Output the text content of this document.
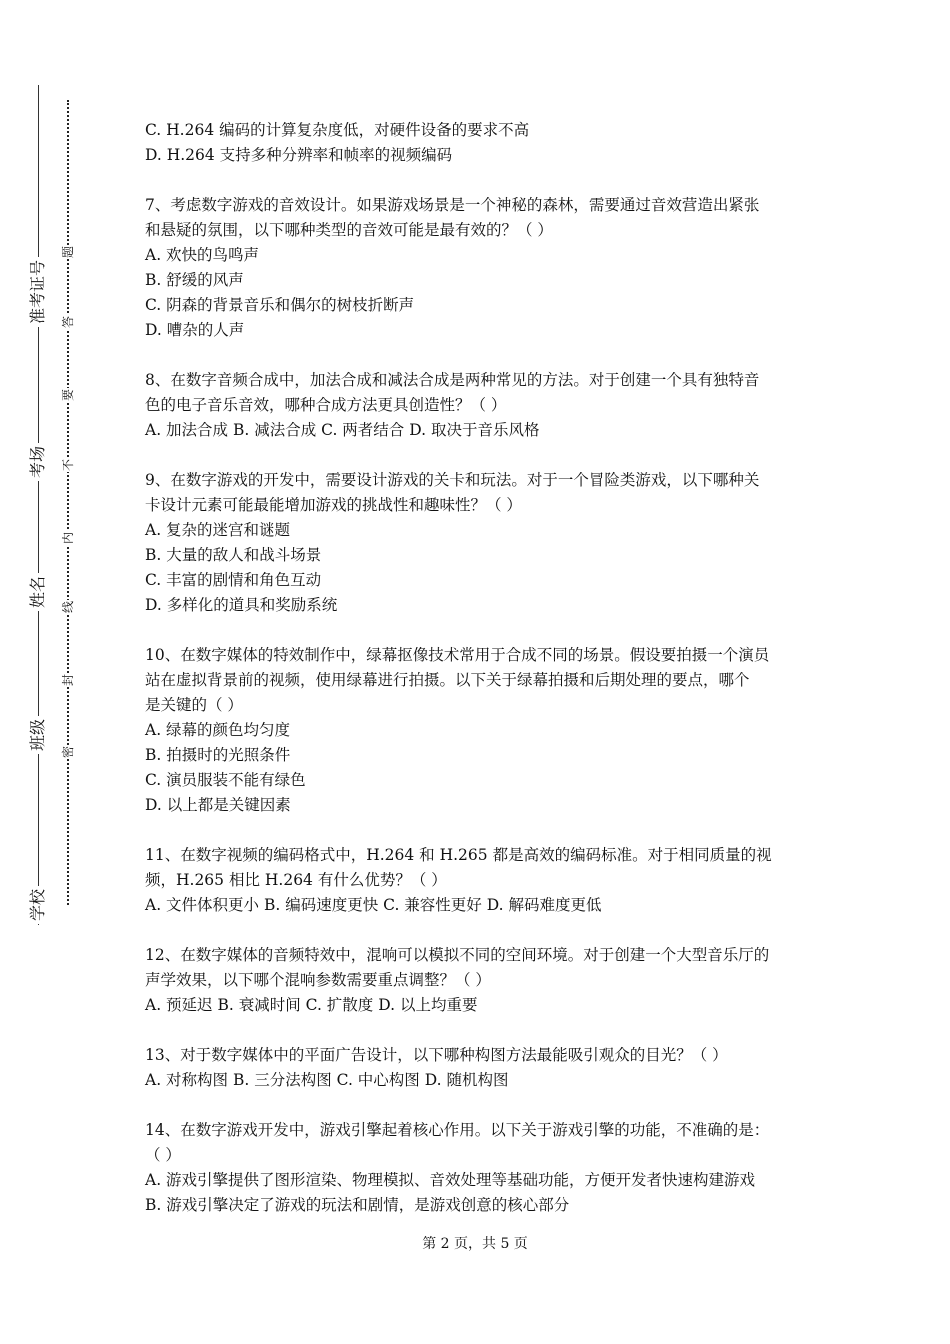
准考证号
考场
姓名
班级
学校
题
答
要
不
内
线
封
密
C. H.264 编码的计算复杂度低，对硬件设备的要求不高
D. H.264 支持多种分辨率和帧率的视频编码
7、考虑数字游戏的音效设计。如果游戏场景是一个神秘的森林，需要通过音效营造出紧张
和悬疑的氛围，以下哪种类型的音效可能是最有效的？（ ）
A. 欢快的鸟鸣声
B. 舒缓的风声
C. 阴森的背景音乐和偶尔的树枝折断声
D. 嘈杂的人声
8、在数字音频合成中，加法合成和减法合成是两种常见的方法。对于创建一个具有独特音
色的电子音乐音效，哪种合成方法更具创造性？（ ）
A. 加法合成 B. 减法合成 C. 两者结合 D. 取决于音乐风格
9、在数字游戏的开发中，需要设计游戏的关卡和玩法。对于一个冒险类游戏，以下哪种关
卡设计元素可能最能增加游戏的挑战性和趣味性？（ ）
A. 复杂的迷宫和谜题
B. 大量的敌人和战斗场景
C. 丰富的剧情和角色互动
D. 多样化的道具和奖励系统
10、在数字媒体的特效制作中，绿幕抠像技术常用于合成不同的场景。假设要拍摄一个演员
站在虚拟背景前的视频，使用绿幕进行拍摄。以下关于绿幕拍摄和后期处理的要点，哪个
是关键的（ ）
A. 绿幕的颜色均匀度
B. 拍摄时的光照条件
C. 演员服装不能有绿色
D. 以上都是关键因素
11、在数字视频的编码格式中，H.264 和 H.265 都是高效的编码标准。对于相同质量的视
频，H.265 相比 H.264 有什么优势？（ ）
A. 文件体积更小 B. 编码速度更快 C. 兼容性更好 D. 解码难度更低
12、在数字媒体的音频特效中，混响可以模拟不同的空间环境。对于创建一个大型音乐厅的
声学效果，以下哪个混响参数需要重点调整？（ ）
A. 预延迟 B. 衰减时间 C. 扩散度 D. 以上均重要
13、对于数字媒体中的平面广告设计，以下哪种构图方法最能吸引观众的目光？（ ）
A. 对称构图 B. 三分法构图 C. 中心构图 D. 随机构图
14、在数字游戏开发中，游戏引擎起着核心作用。以下关于游戏引擎的功能，不准确的是：
（ ）
A. 游戏引擎提供了图形渲染、物理模拟、音效处理等基础功能，方便开发者快速构建游戏
B. 游戏引擎决定了游戏的玩法和剧情，是游戏创意的核心部分
第 2 页，共 5 页
